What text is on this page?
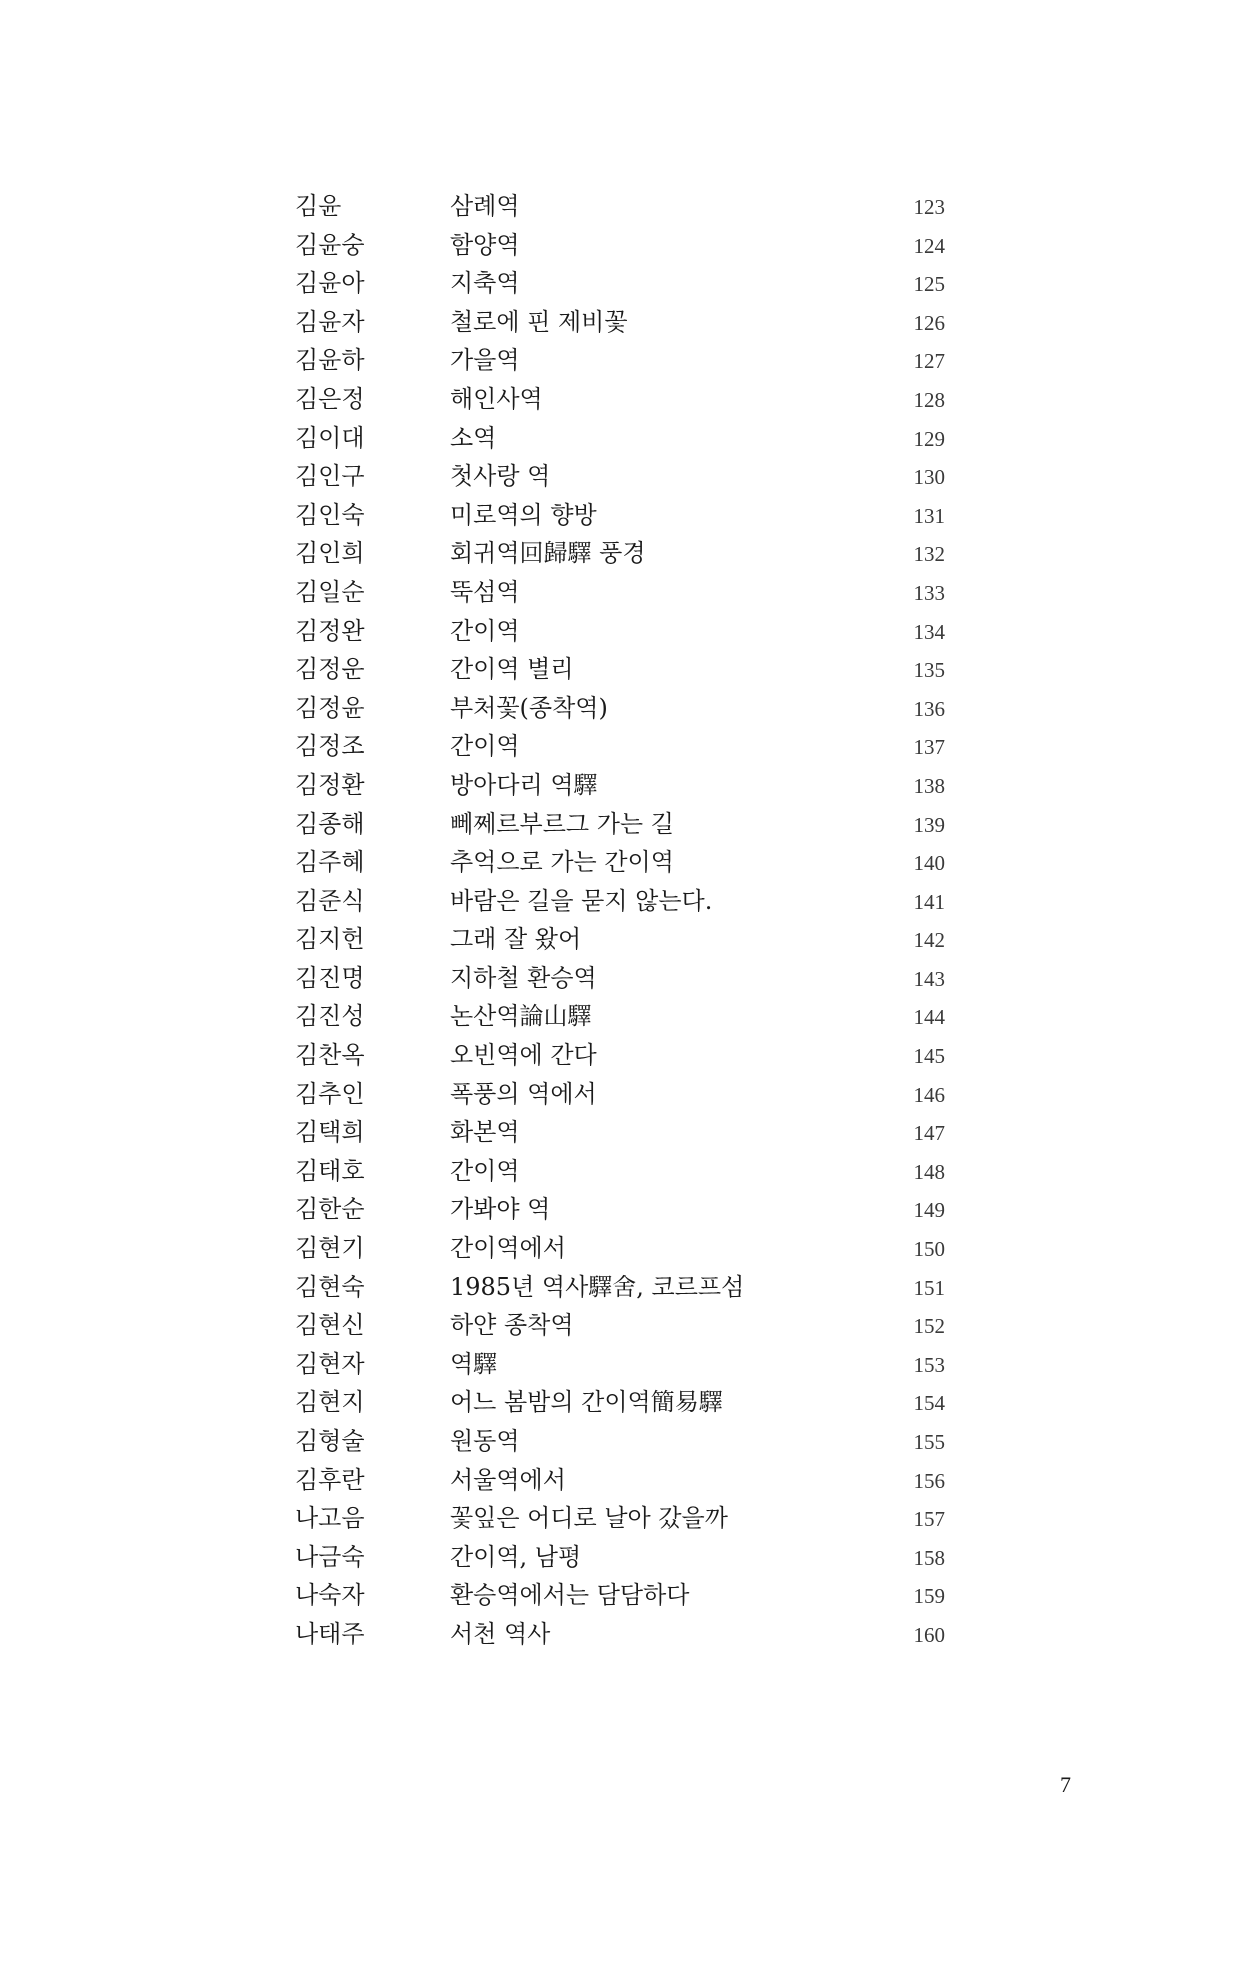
김윤	삼례역	123
김윤숭	함양역	124
김윤아	지축역	125
김윤자	철로에 핀 제비꽃	126
김윤하	가을역	127
김은정	해인사역	128
김이대	소역	129
김인구	첫사랑 역	130
김인숙	미로역의 향방	131
김인희	회귀역回歸驛 풍경	132
김일순	뚝섬역	133
김정완	간이역	134
김정운	간이역 별리	135
김정윤	부처꽃(종착역)	136
김정조	간이역	137
김정환	방아다리 역驛	138
김종해	뻬쩨르부르그 가는 길	139
김주혜	추억으로 가는 간이역	140
김준식	바람은 길을 묻지 않는다.	141
김지헌	그래 잘 왔어	142
김진명	지하철 환승역	143
김진성	논산역論山驛	144
김찬옥	오빈역에 간다	145
김추인	폭풍의 역에서	146
김택희	화본역	147
김태호	간이역	148
김한순	가봐야 역	149
김현기	간이역에서	150
김현숙	1985년 역사驛舍, 코르프섬	151
김현신	하얀 종착역	152
김현자	역驛	153
김현지	어느 봄밤의 간이역簡易驛	154
김형술	원동역	155
김후란	서울역에서	156
나고음	꽃잎은 어디로 날아 갔을까	157
나금숙	간이역, 남평	158
나숙자	환승역에서는 담담하다	159
나태주	서천 역사	160
7
